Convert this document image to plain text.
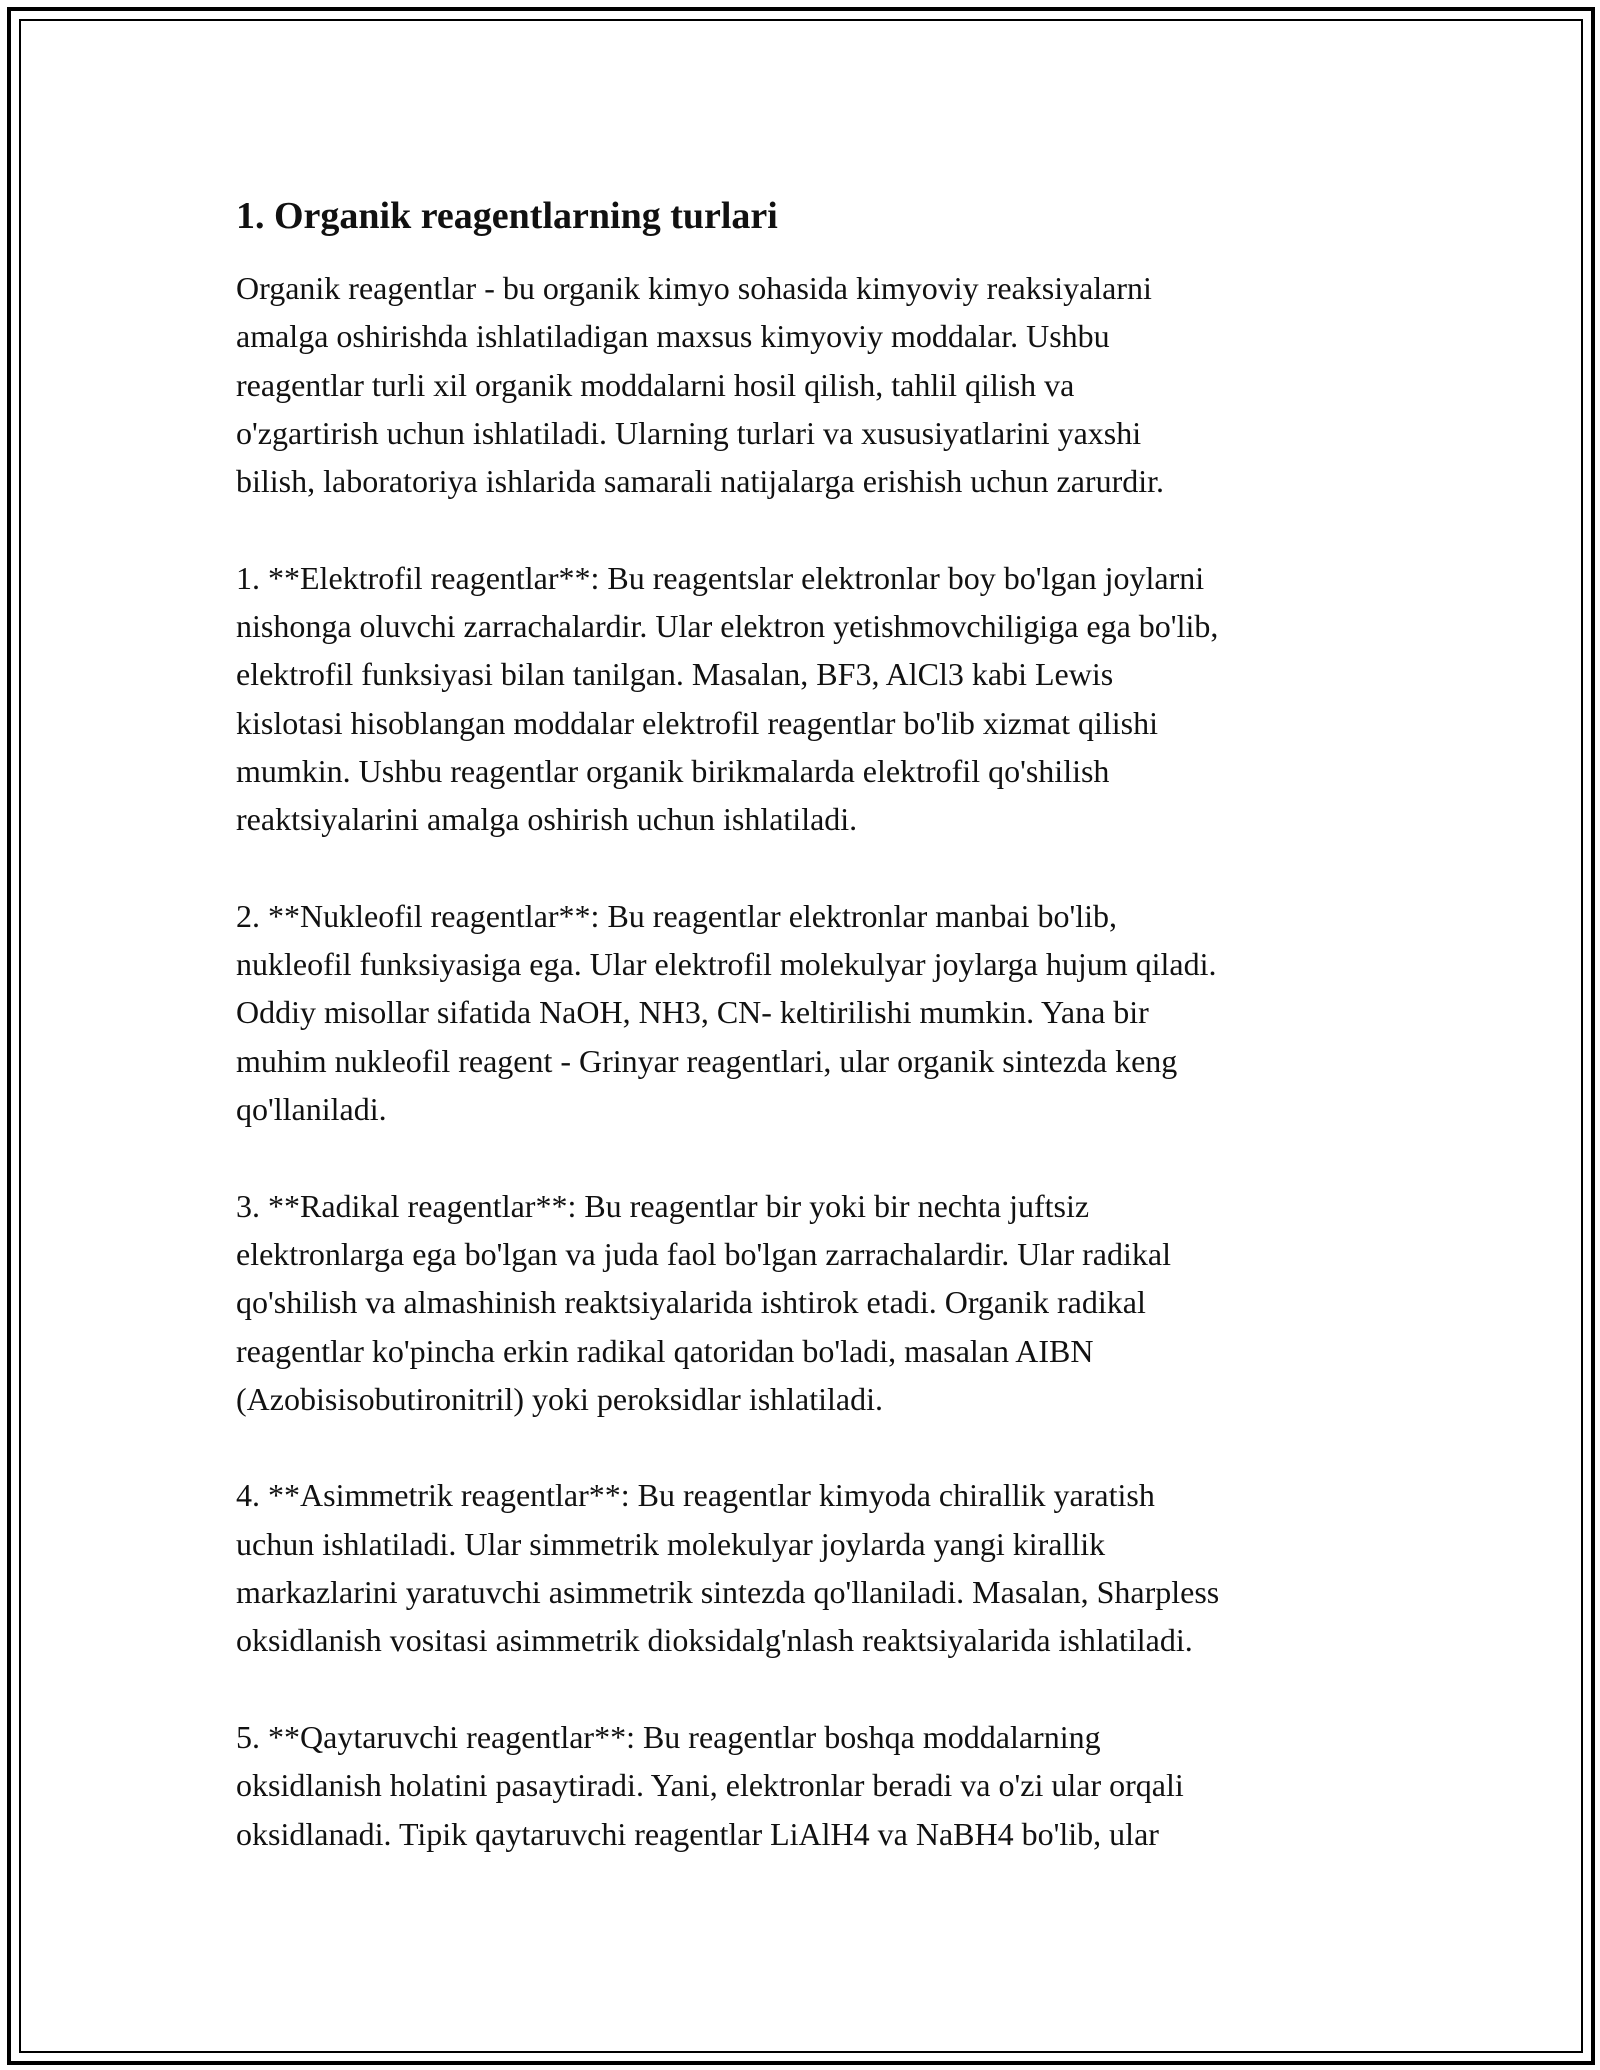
1. Organik reagentlarning turlari

Organik reagentlar - bu organik kimyo sohasida kimyoviy reaksiyalarni
amalga oshirishda ishlatiladigan maxsus kimyoviy moddalar. Ushbu
reagentlar turli xil organik moddalarni hosil qilish, tahlil qilish va
o'zgartirish uchun ishlatiladi. Ularning turlari va xususiyatlarini yaxshi
bilish, laboratoriya ishlarida samarali natijalarga erishish uchun zarurdir.

1. **Elektrofil reagentlar**: Bu reagentslar elektronlar boy bo'lgan joylarni
nishonga oluvchi zarrachalardir. Ular elektron yetishmovchiligiga ega bo'lib,
elektrofil funksiyasi bilan tanilgan. Masalan, BF3, AlCl3 kabi Lewis
kislotasi hisoblangan moddalar elektrofil reagentlar bo'lib xizmat qilishi
mumkin. Ushbu reagentlar organik birikmalarda elektrofil qo'shilish
reaktsiyalarini amalga oshirish uchun ishlatiladi.

2. **Nukleofil reagentlar**: Bu reagentlar elektronlar manbai bo'lib,
nukleofil funksiyasiga ega. Ular elektrofil molekulyar joylarga hujum qiladi.
Oddiy misollar sifatida NaOH, NH3, CN- keltirilishi mumkin. Yana bir
muhim nukleofil reagent - Grinyar reagentlari, ular organik sintezda keng
qo'llaniladi.

3. **Radikal reagentlar**: Bu reagentlar bir yoki bir nechta juftsiz
elektronlarga ega bo'lgan va juda faol bo'lgan zarrachalardir. Ular radikal
qo'shilish va almashinish reaktsiyalarida ishtirok etadi. Organik radikal
reagentlar ko'pincha erkin radikal qatoridan bo'ladi, masalan AIBN
(Azobisisobutironitril) yoki peroksidlar ishlatiladi.

4. **Asimmetrik reagentlar**: Bu reagentlar kimyoda chirallik yaratish
uchun ishlatiladi. Ular simmetrik molekulyar joylarda yangi kirallik
markazlarini yaratuvchi asimmetrik sintezda qo'llaniladi. Masalan, Sharpless
oksidlanish vositasi asimmetrik dioksidalg'nlash reaktsiyalarida ishlatiladi.

5. **Qaytaruvchi reagentlar**: Bu reagentlar boshqa moddalarning
oksidlanish holatini pasaytiradi. Yani, elektronlar beradi va o'zi ular orqali
oksidlanadi. Tipik qaytaruvchi reagentlar LiAlH4 va NaBH4 bo'lib, ular
